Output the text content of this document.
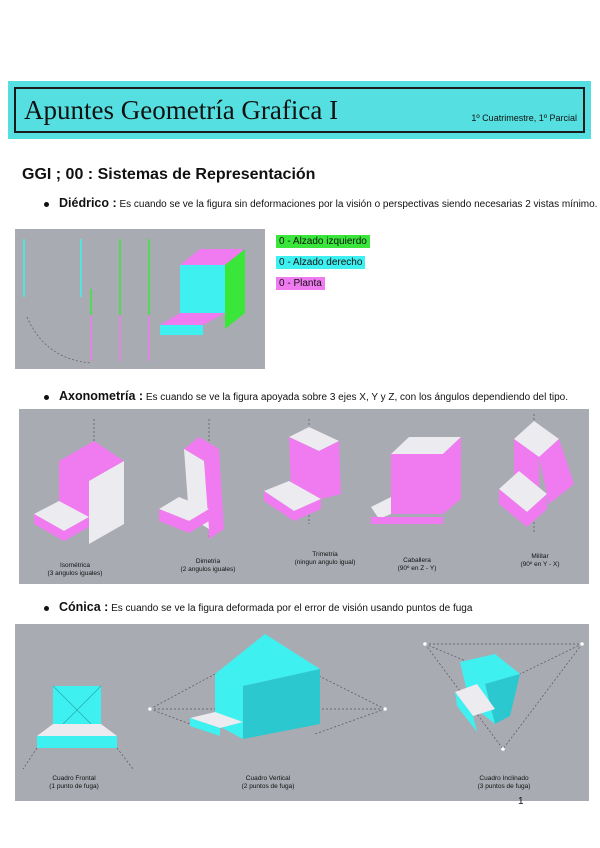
Apuntes Geometría Grafica I	1º Cuatrimestre, 1º Parcial
GGI ; 00 : Sistemas de Representación
Diédrico : Es cuando se ve la figura sin deformaciones por la visión o perspectivas siendo necesarias 2 vistas mínimo.
0 - Alzado izquierdo
0 - Alzado derecho
0 - Planta
Axonometría : Es cuando se ve la figura apoyada sobre 3 ejes X, Y y Z, con los ángulos dependiendo del tipo.
Isométrica
(3 angulos iguales)
Dimetria
(2 angulos iguales)
Trimetria
(ningun angulo igual)	Caballera
(90º en Z - Y)
Militar
(90º en Y - X)
Cónica : Es cuando se ve la figura deformada por el error de visión usando puntos de fuga
Cuadro Frontal
(1 punto de fuga)
Cuadro Vertical
(2 puntos de fuga)
Cuadro Inclinado
(3 puntos de fuga)
1
